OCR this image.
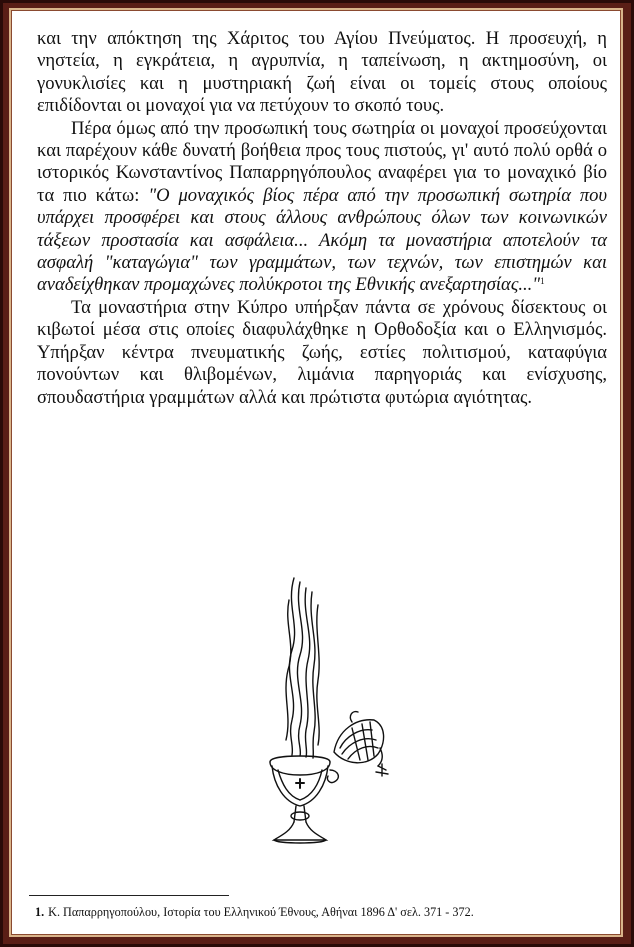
και την απόκτηση της Χάριτος του Αγίου Πνεύματος. Η προσευχή, η νηστεία, η εγκράτεια, η αγρυπνία, η ταπείνωση, η ακτημοσύνη, οι γονυκλισίες και η μυστηριακή ζωή είναι οι τομείς στους οποίους επιδίδονται οι μοναχοί για να πετύχουν το σκοπό τους.

Πέρα όμως από την προσωπική τους σωτηρία οι μοναχοί προσεύχονται και παρέχουν κάθε δυνατή βοήθεια προς τους πιστούς, γι' αυτό πολύ ορθά ο ιστορικός Κωνσταντίνος Παπαρρηγόπουλος αναφέρει για το μοναχικό βίο τα πιο κάτω: "Ο μοναχικός βίος πέρα από την προσωπική σωτηρία που υπάρχει προσφέρει και στους άλλους ανθρώπους όλων των κοινωνικών τάξεων προστασία και ασφάλεια... Ακόμη τα μοναστήρια αποτελούν τα ασφαλή "καταγώγια" των γραμμάτων, των τεχνών, των επιστημών και αναδείχθηκαν προμαχώνες πολύκροτοι της Εθνικής ανεξαρτησίας..."$^1$

Τα μοναστήρια στην Κύπρο υπήρξαν πάντα σε χρόνους δίσεκτους οι κιβωτοί μέσα στις οποίες διαφυλάχθηκε η Ορθοδοξία και ο Ελληνισμός. Υπήρξαν κέντρα πνευματικής ζωής, εστίες πολιτισμού, καταφύγια πονούντων και θλιβομένων, λιμάνια παρηγοριάς και ενίσχυσης, σπουδαστήρια γραμμάτων αλλά και πρώτιστα φυτώρια αγιότητας.

1. Κ. Παπαρρηγοπούλου, Ιστορία του Ελληνικού Έθνους, Αθήναι 1896 Δ' σελ. 371 - 372.
